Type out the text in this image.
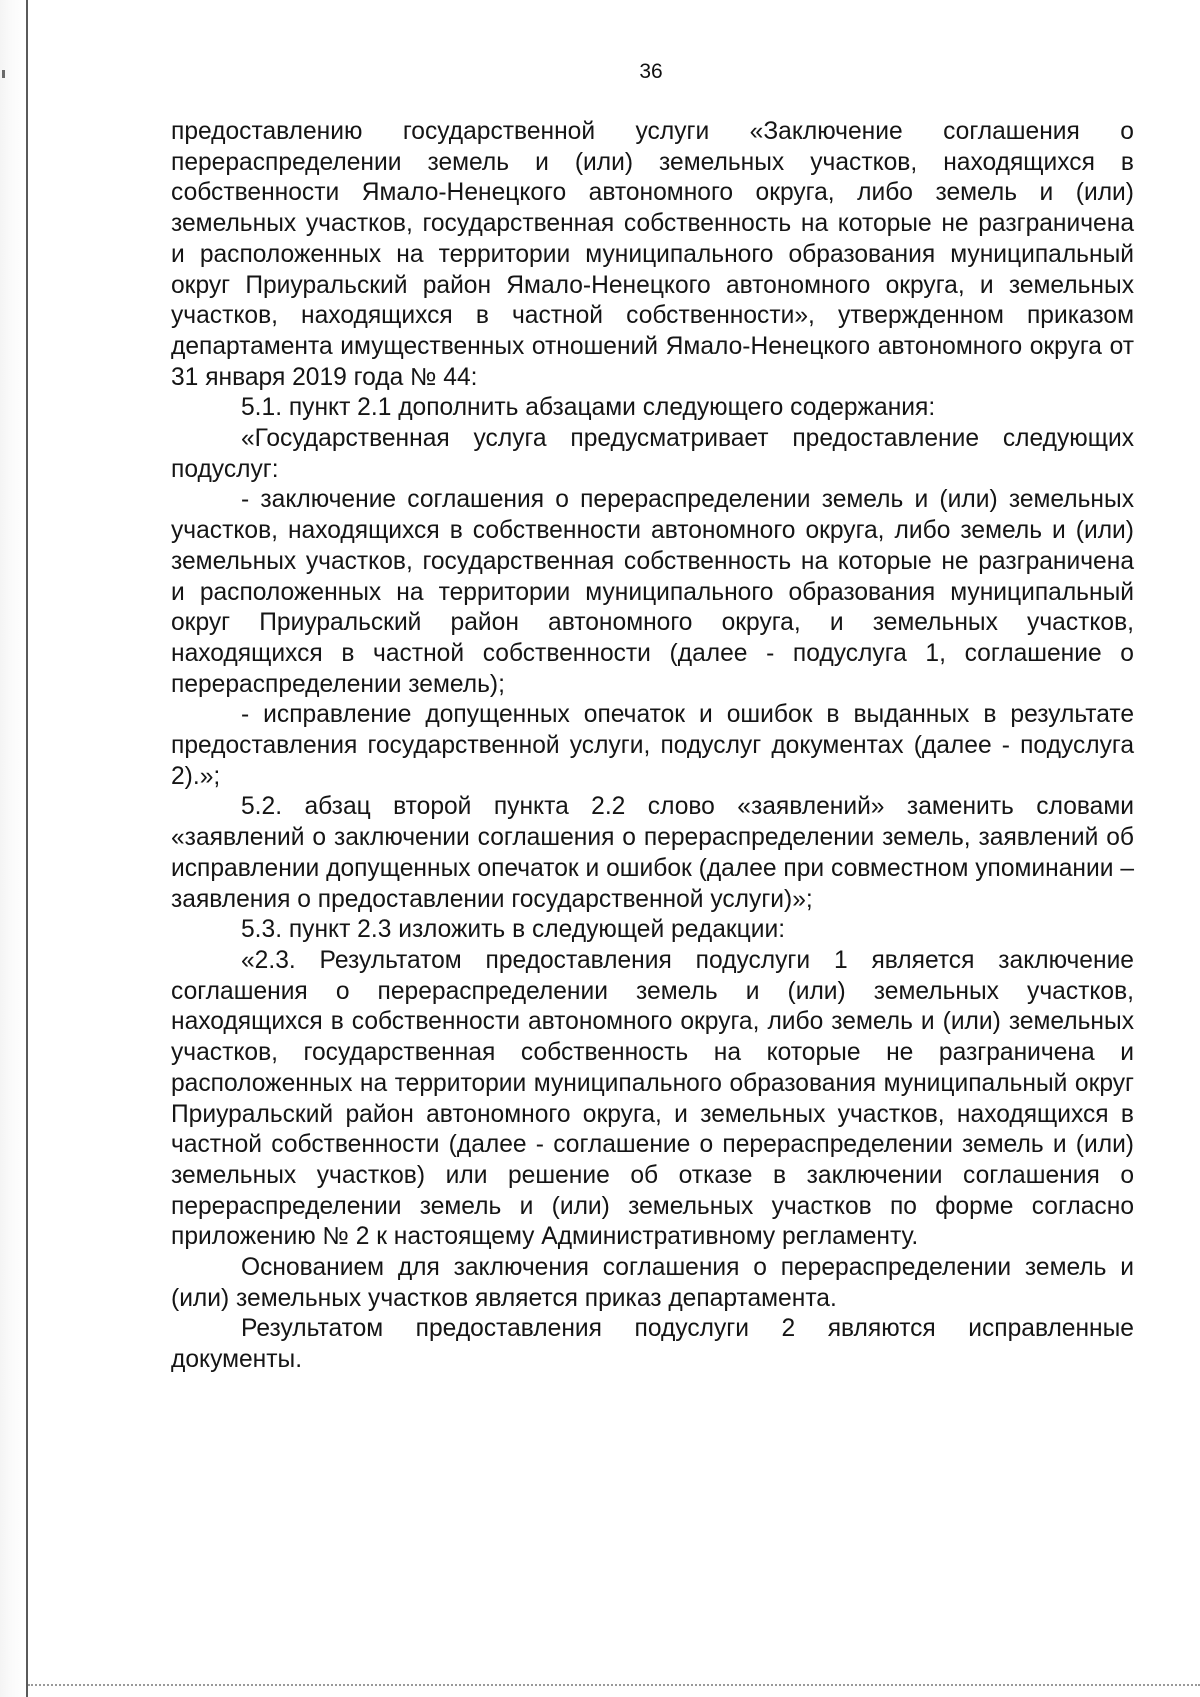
36

предоставлению государственной услуги «Заключение соглашения о перераспределении земель и (или) земельных участков, находящихся в собственности Ямало-Ненецкого автономного округа, либо земель и (или) земельных участков, государственная собственность на которые не разграничена и расположенных на территории муниципального образования муниципальный округ Приуральский район Ямало-Ненецкого автономного округа, и земельных участков, находящихся в частной собственности», утвержденном приказом департамента имущественных отношений Ямало-Ненецкого автономного округа от 31 января 2019 года № 44:

5.1. пункт 2.1 дополнить абзацами следующего содержания:

«Государственная услуга предусматривает предоставление следующих подуслуг:

- заключение соглашения о перераспределении земель и (или) земельных участков, находящихся в собственности автономного округа, либо земель и (или) земельных участков, государственная собственность на которые не разграничена и расположенных на территории муниципального образования муниципальный округ Приуральский район автономного округа, и земельных участков, находящихся в частной собственности (далее - подуслуга 1, соглашение о перераспределении земель);

- исправление допущенных опечаток и ошибок в выданных в результате предоставления государственной услуги, подуслуг документах (далее - подуслуга 2).»;

5.2. абзац второй пункта 2.2 слово «заявлений» заменить словами «заявлений о заключении соглашения о перераспределении земель, заявлений об исправлении допущенных опечаток и ошибок (далее при совместном упоминании – заявления о предоставлении государственной услуги)»;

5.3. пункт 2.3 изложить в следующей редакции:

«2.3. Результатом предоставления подуслуги 1 является заключение соглашения о перераспределении земель и (или) земельных участков, находящихся в собственности автономного округа, либо земель и (или) земельных участков, государственная собственность на которые не разграничена и расположенных на территории муниципального образования муниципальный округ Приуральский район автономного округа, и земельных участков, находящихся в частной собственности (далее - соглашение о перераспределении земель и (или) земельных участков) или решение об отказе в заключении соглашения о перераспределении земель и (или) земельных участков по форме согласно приложению № 2 к настоящему Административному регламенту.

Основанием для заключения соглашения о перераспределении земель и (или) земельных участков является приказ департамента.

Результатом предоставления подуслуги 2 являются исправленные документы.
